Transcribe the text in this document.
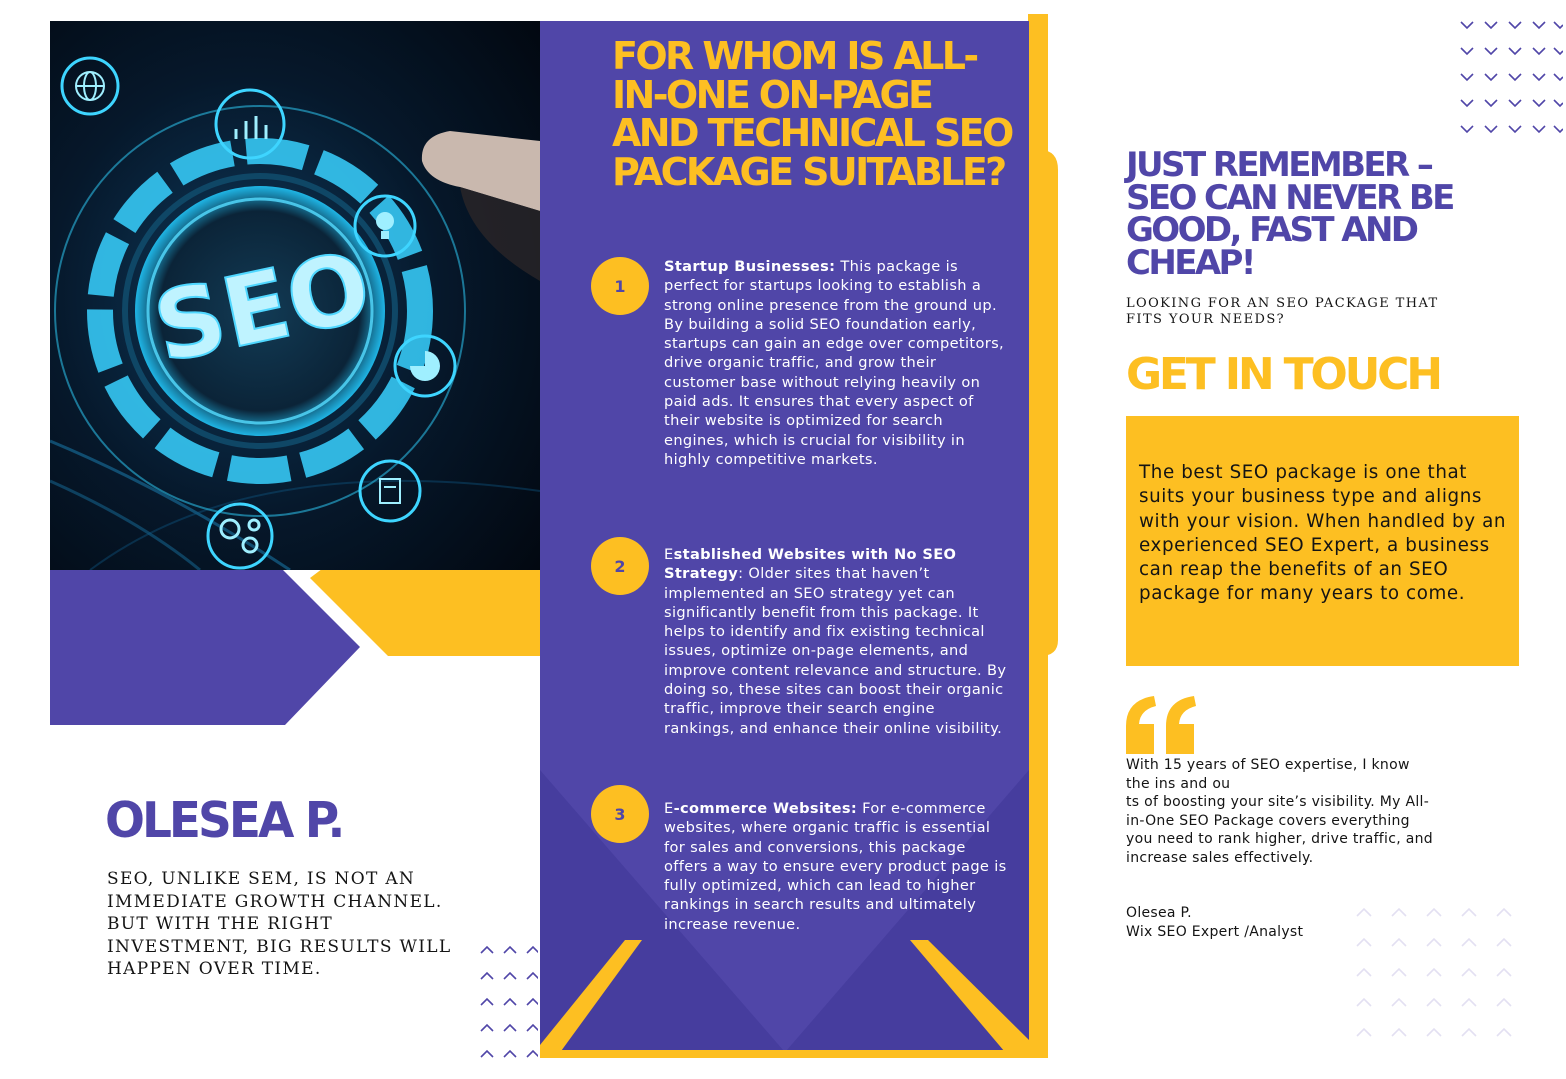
SEO
OLESEA P.

SEO, UNLIKE SEM, IS NOT AN IMMEDIATE GROWTH CHANNEL. BUT WITH THE RIGHT INVESTMENT, BIG RESULTS WILL HAPPEN OVER TIME.

FOR WHOM IS ALL-IN-ONE ON-PAGE AND TECHNICAL SEO PACKAGE SUITABLE?
1

Startup Businesses: This package is perfect for startups looking to establish a strong online presence from the ground up. By building a solid SEO foundation early, startups can gain an edge over competitors, drive organic traffic, and grow their customer base without relying heavily on paid ads. It ensures that every aspect of their website is optimized for search engines, which is crucial for visibility in highly competitive markets.

2

Established Websites with No SEO Strategy: Older sites that haven’t implemented an SEO strategy yet can significantly benefit from this package. It helps to identify and fix existing technical issues, optimize on-page elements, and improve content relevance and structure. By doing so, these sites can boost their organic traffic, improve their search engine rankings, and enhance their online visibility.

3	E-commerce Websites: For e-commerce websites, where organic traffic is essential for sales and conversions, this package offers a way to ensure every product page is fully optimized, which can lead to higher rankings in search results and ultimately increase revenue.

JUST REMEMBER – SEO CAN NEVER BE GOOD, FAST AND CHEAP!

LOOKING FOR AN SEO PACKAGE THAT FITS YOUR NEEDS?

GET IN TOUCH

The best SEO package is one that suits your business type and aligns with your vision. When handled by an experienced SEO Expert, a business can reap the benefits of an SEO package for many years to come.

With 15 years of SEO expertise, I know the ins and ou
ts of boosting your site’s visibility. My All-in-One SEO Package covers everything you need to rank higher, drive traffic, and increase sales effectively.

Olesea P.

Wix SEO Expert /Analyst
